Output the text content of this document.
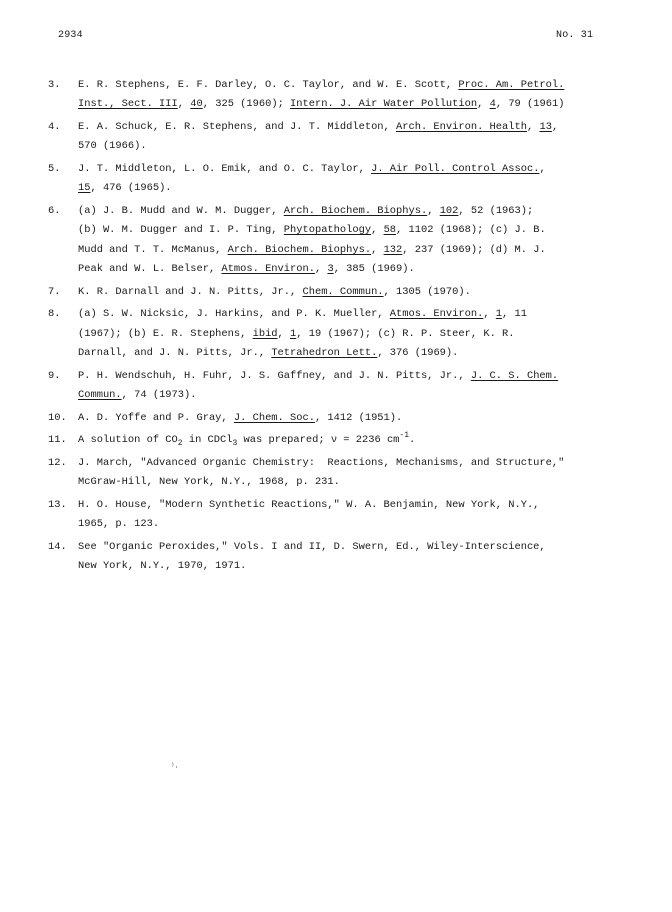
2934	No. 31
3.	E. R. Stephens, E. F. Darley, O. C. Taylor, and W. E. Scott, Proc. Am. Petrol.
Inst., Sect. III, 40, 325 (1960); Intern. J. Air Water Pollution, 4, 79 (1961)
4.	E. A. Schuck, E. R. Stephens, and J. T. Middleton, Arch. Environ. Health, 13,
570 (1966).
5.	J. T. Middleton, L. O. Emik, and O. C. Taylor, J. Air Poll. Control Assoc.,
15, 476 (1965).
6.	(a) J. B. Mudd and W. M. Dugger, Arch. Biochem. Biophys., 102, 52 (1963);
(b) W. M. Dugger and I. P. Ting, Phytopathology, 58, 1102 (1968); (c) J. B.
Mudd and T. T. McManus, Arch. Biochem. Biophys., 132, 237 (1969); (d) M. J.
Peak and W. L. Belser, Atmos. Environ., 3, 385 (1969).
7.	K. R. Darnall and J. N. Pitts, Jr., Chem. Commun., 1305 (1970).
8.	(a) S. W. Nicksic, J. Harkins, and P. K. Mueller, Atmos. Environ., 1, 11
(1967); (b) E. R. Stephens, ibid, 1, 19 (1967); (c) R. P. Steer, K. R.
Darnall, and J. N. Pitts, Jr., Tetrahedron Lett., 376 (1969).
9.	P. H. Wendschuh, H. Fuhr, J. S. Gaffney, and J. N. Pitts, Jr., J. C. S. Chem.
Commun., 74 (1973).
10.	A. D. Yoffe and P. Gray, J. Chem. Soc., 1412 (1951).
11.	A solution of $CO_2$ in CDCl$_3$ was prepared; ν = 2236 $cm^{-1}$.
12.	J. March, "Advanced Organic Chemistry:  Reactions, Mechanisms, and Structure,"
McGraw-Hill, New York, N.Y., 1968, p. 231.
13.	H. O. House, "Modern Synthetic Reactions," W. A. Benjamin, New York, N.Y.,
1965, p. 123.
14.	See "Organic Peroxides," Vols. I and II, D. Swern, Ed., Wiley-Interscience,
New York, N.Y., 1970, 1971.
⁾⸳
